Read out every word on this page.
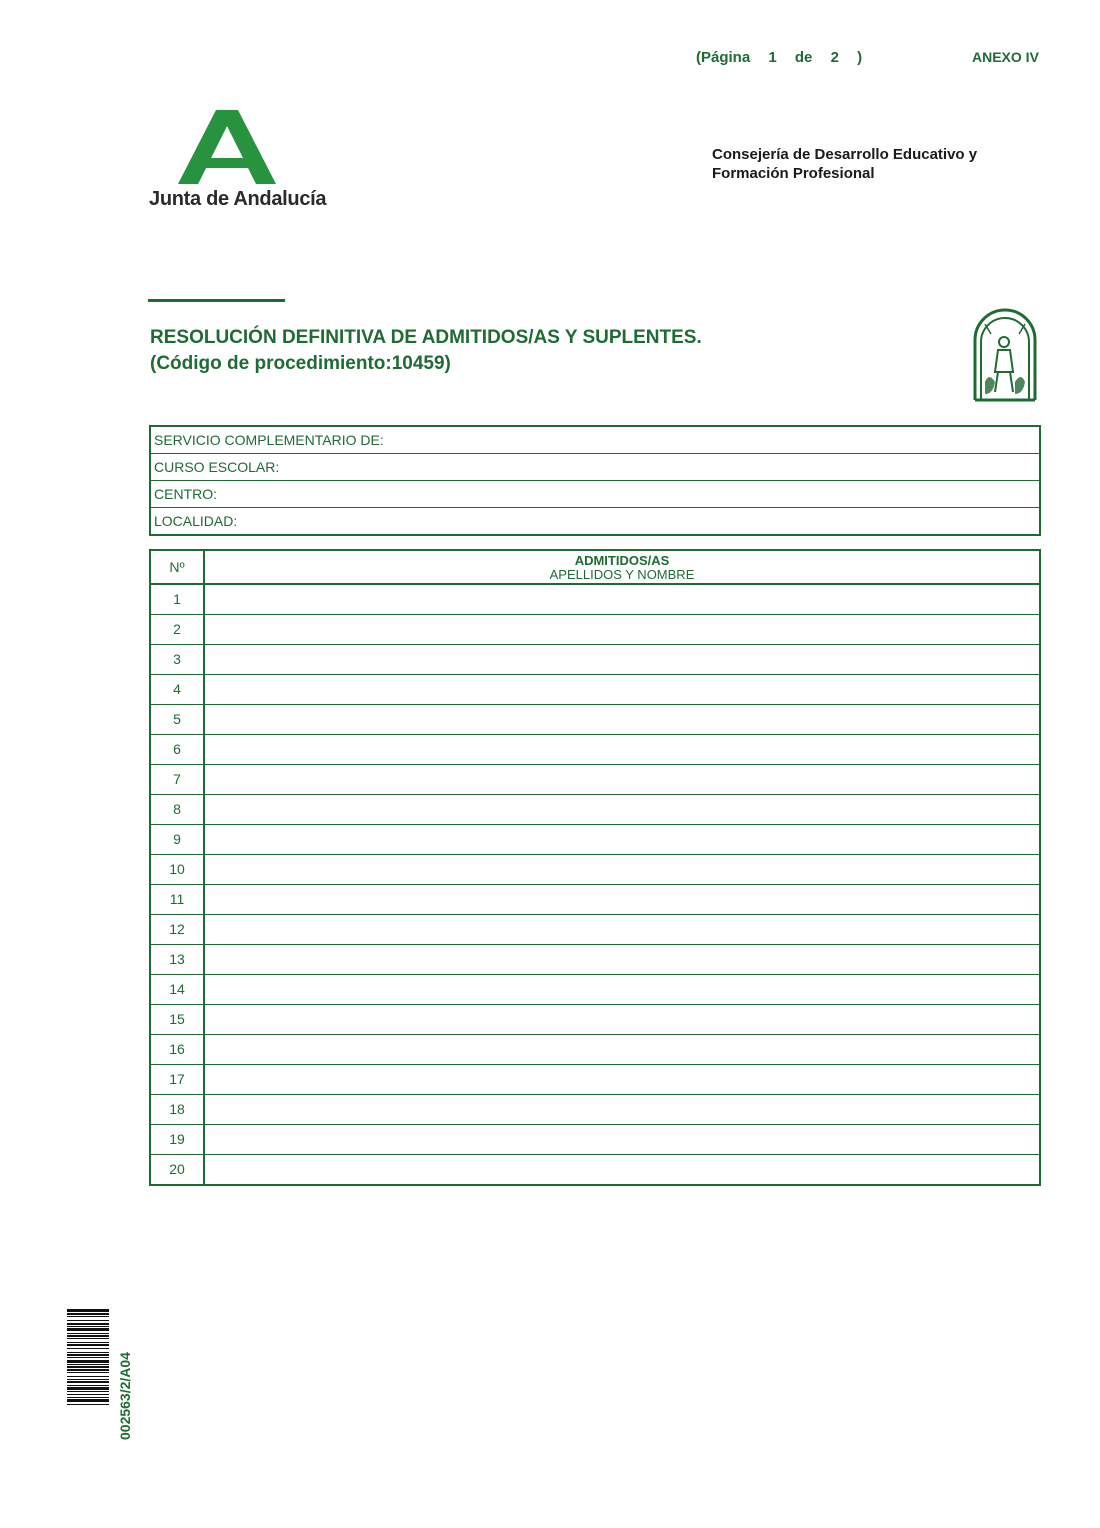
(Página 1 de 2 )	ANEXO IV
Junta de Andalucía
Consejería de Desarrollo Educativo y
Formación Profesional
RESOLUCIÓN DEFINITIVA DE ADMITIDOS/AS Y SUPLENTES.
(Código de procedimiento:10459)
SERVICIO COMPLEMENTARIO DE:
CURSO ESCOLAR:
CENTRO:
LOCALIDAD:
Nº	ADMITIDOS/AS
APELLIDOS Y NOMBRE
1
2
3
4
5
6
7
8
9
10
11
12
13
14
15
16
17
18
19
20
002563/2/A04
